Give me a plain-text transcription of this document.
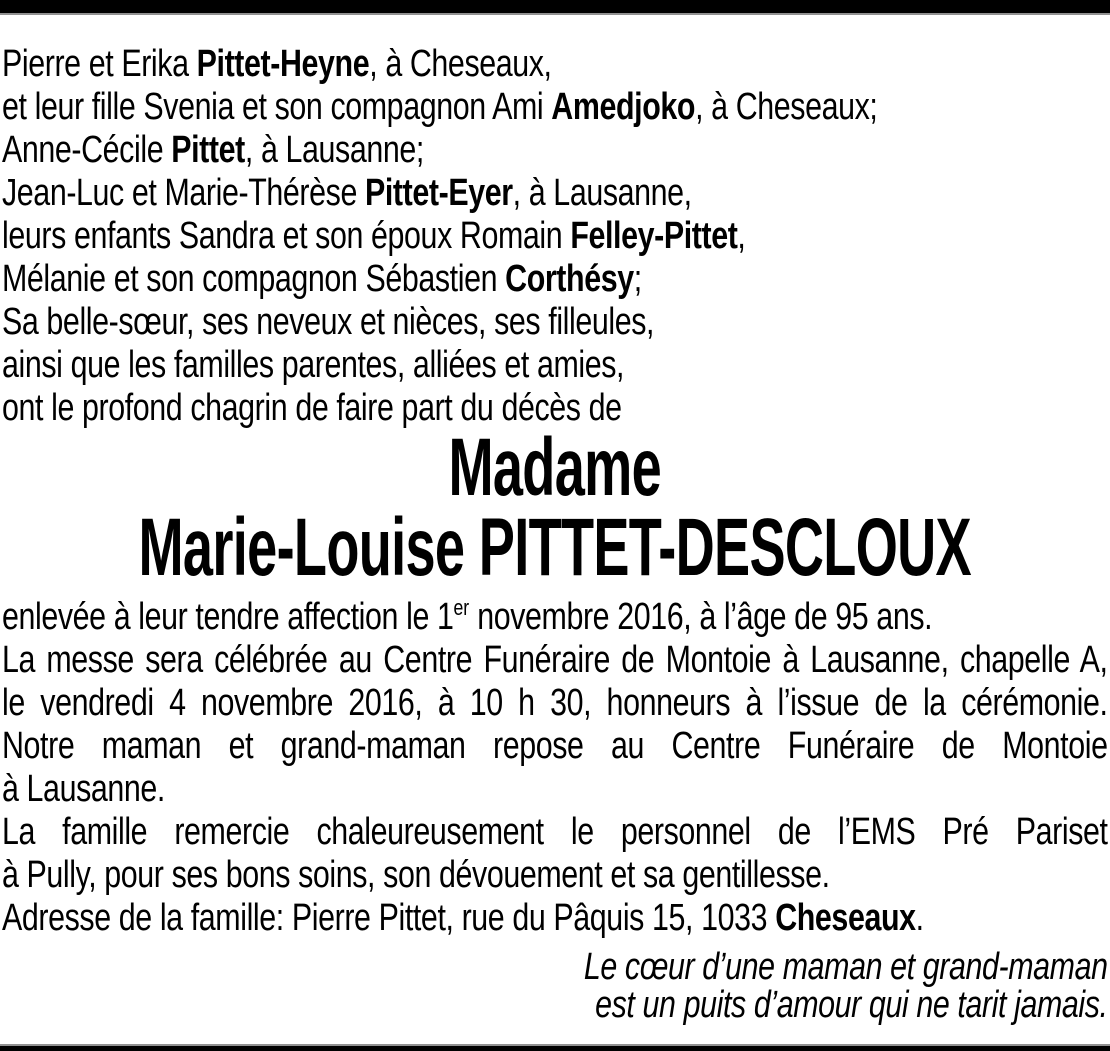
Pierre et Erika Pittet-Heyne, à Cheseaux,
et leur fille Svenia et son compagnon Ami Amedjoko, à Cheseaux;
Anne-Cécile Pittet, à Lausanne;
Jean-Luc et Marie-Thérèse Pittet-Eyer, à Lausanne,
leurs enfants Sandra et son époux Romain Felley-Pittet,
Mélanie et son compagnon Sébastien Corthésy;
Sa belle-sœur, ses neveux et nièces, ses filleules,
ainsi que les familles parentes, alliées et amies,
ont le profond chagrin de faire part du décès de
Madame
Marie-Louise PITTET-DESCLOUX
enlevée à leur tendre affection le 1er novembre 2016, à l’âge de 95 ans.
La messe sera célébrée au Centre Funéraire de Montoie à Lausanne, chapelle A,
le vendredi 4 novembre 2016, à 10 h 30, honneurs à l’issue de la cérémonie.
Notre maman et grand-maman repose au Centre Funéraire de Montoie
à Lausanne.
La famille remercie chaleureusement le personnel de l’EMS Pré Pariset
à Pully, pour ses bons soins, son dévouement et sa gentillesse.
Adresse de la famille: Pierre Pittet, rue du Pâquis 15, 1033 Cheseaux.
Le cœur d’une maman et grand-maman
est un puits d’amour qui ne tarit jamais.
